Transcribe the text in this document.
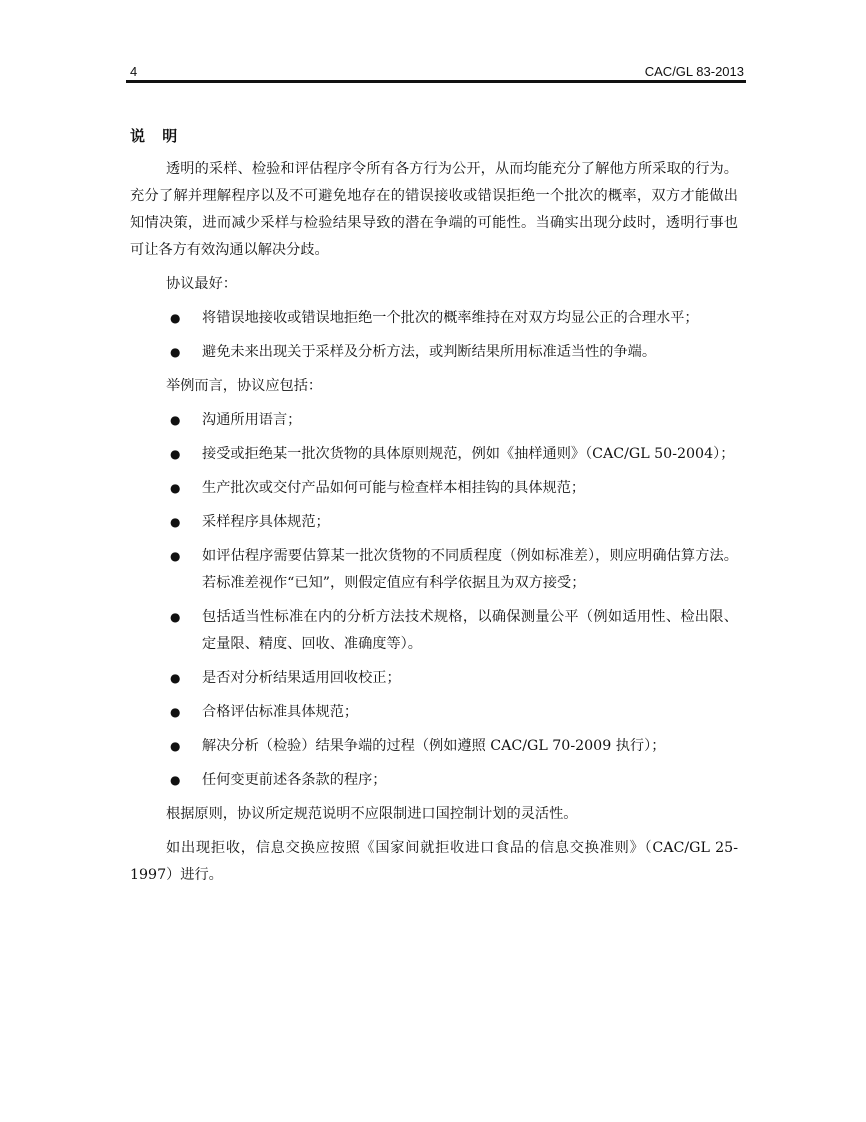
4	CAC/GL 83-2013
说 明

透明的采样、检验和评估程序令所有各方行为公开，从而均能充分了解他方所采取的行为。充分了解并理解程序以及不可避免地存在的错误接收或错误拒绝一个批次的概率，双方才能做出知情决策，进而减少采样与检验结果导致的潜在争端的可能性。当确实出现分歧时，透明行事也可让各方有效沟通以解决分歧。

协议最好：

● 将错误地接收或错误地拒绝一个批次的概率维持在对双方均显公正的合理水平；
● 避免未来出现关于采样及分析方法，或判断结果所用标准适当性的争端。

举例而言，协议应包括：

● 沟通所用语言；
● 接受或拒绝某一批次货物的具体原则规范，例如《抽样通则》（CAC/GL 50-2004）；
● 生产批次或交付产品如何可能与检查样本相挂钩的具体规范；
● 采样程序具体规范；
● 如评估程序需要估算某一批次货物的不同质程度（例如标准差），则应明确估算方法。若标准差视作“已知”，则假定值应有科学依据且为双方接受；
● 包括适当性标准在内的分析方法技术规格，以确保测量公平（例如适用性、检出限、定量限、精度、回收、准确度等）。
● 是否对分析结果适用回收校正；
● 合格评估标准具体规范；
● 解决分析（检验）结果争端的过程（例如遵照 CAC/GL 70-2009 执行）；
● 任何变更前述各条款的程序；

根据原则，协议所定规范说明不应限制进口国控制计划的灵活性。

如出现拒收，信息交换应按照《国家间就拒收进口食品的信息交换准则》（CAC/GL 25-1997）进行。
